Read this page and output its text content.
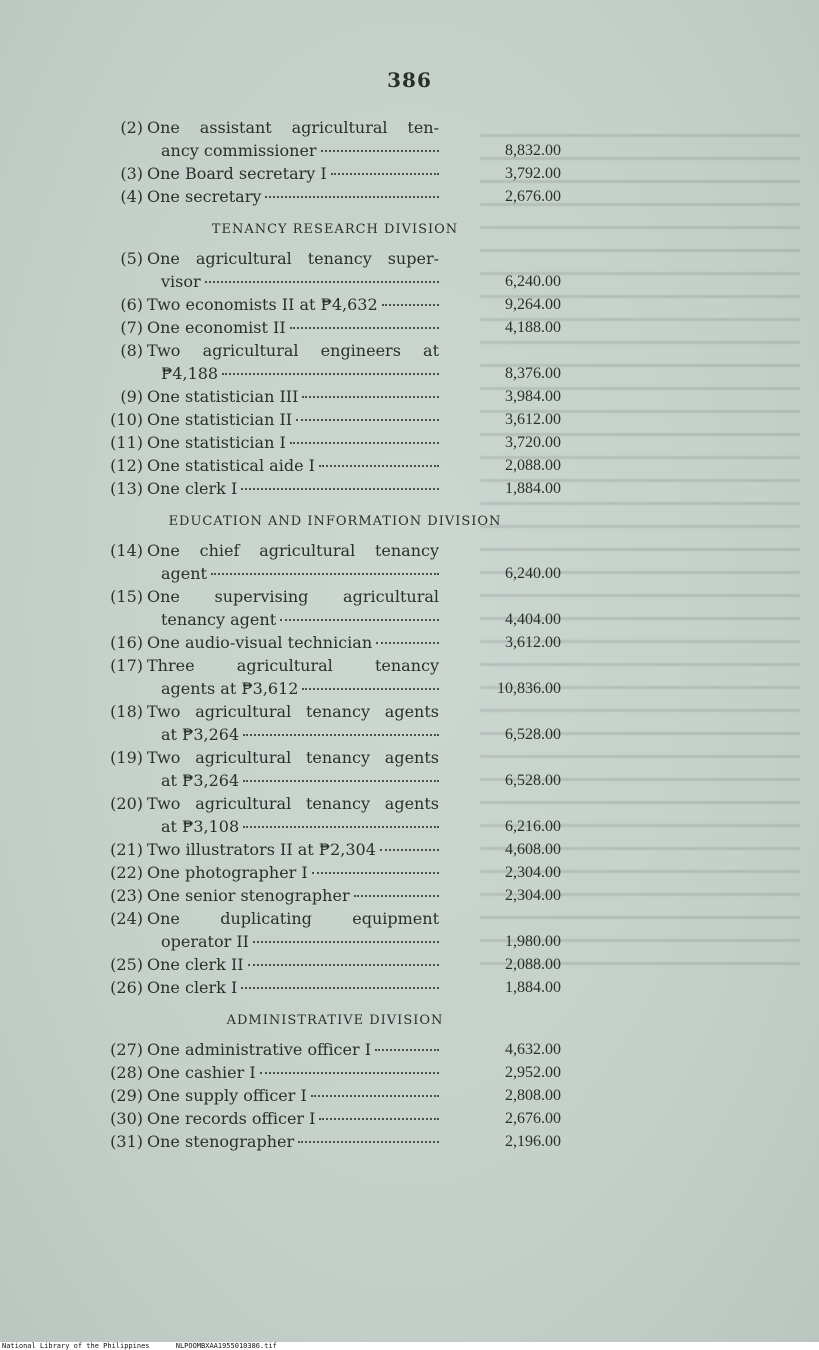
386
(2) One assistant agricultural ten-
ancy commissioner	8,832.00
(3) One Board secretary I	3,792.00
(4) One secretary	2,676.00
TENANCY RESEARCH DIVISION
(5) One agricultural tenancy super-
visor	6,240.00
(6) Two economists II at ₱4,632	9,264.00
(7) One economist II	4,188.00
(8) Two agricultural engineers at
₱4,188	8,376.00
(9) One statistician III	3,984.00
(10) One statistician II	3,612.00
(11) One statistician I	3,720.00
(12) One statistical aide I	2,088.00
(13) One clerk I	1,884.00
EDUCATION AND INFORMATION DIVISION
(14) One chief agricultural tenancy
agent	6,240.00
(15) One supervising agricultural
tenancy agent	4,404.00
(16) One audio-visual technician	3,612.00
(17) Three agricultural tenancy
agents at ₱3,612	10,836.00
(18) Two agricultural tenancy agents
at ₱3,264	6,528.00
(19) Two agricultural tenancy agents
at ₱3,264	6,528.00
(20) Two agricultural tenancy agents
at ₱3,108	6,216.00
(21) Two illustrators II at ₱2,304	4,608.00
(22) One photographer I	2,304.00
(23) One senior stenographer	2,304.00
(24) One duplicating equipment
operator II	1,980.00
(25) One clerk II	2,088.00
(26) One clerk I	1,884.00
ADMINISTRATIVE DIVISION
(27) One administrative officer I	4,632.00
(28) One cashier I	2,952.00
(29) One supply officer I	2,808.00
(30) One records officer I	2,676.00
(31) One stenographer	2,196.00
National Library of the Philippines	NLPOOMBXAA1955010386.tif
